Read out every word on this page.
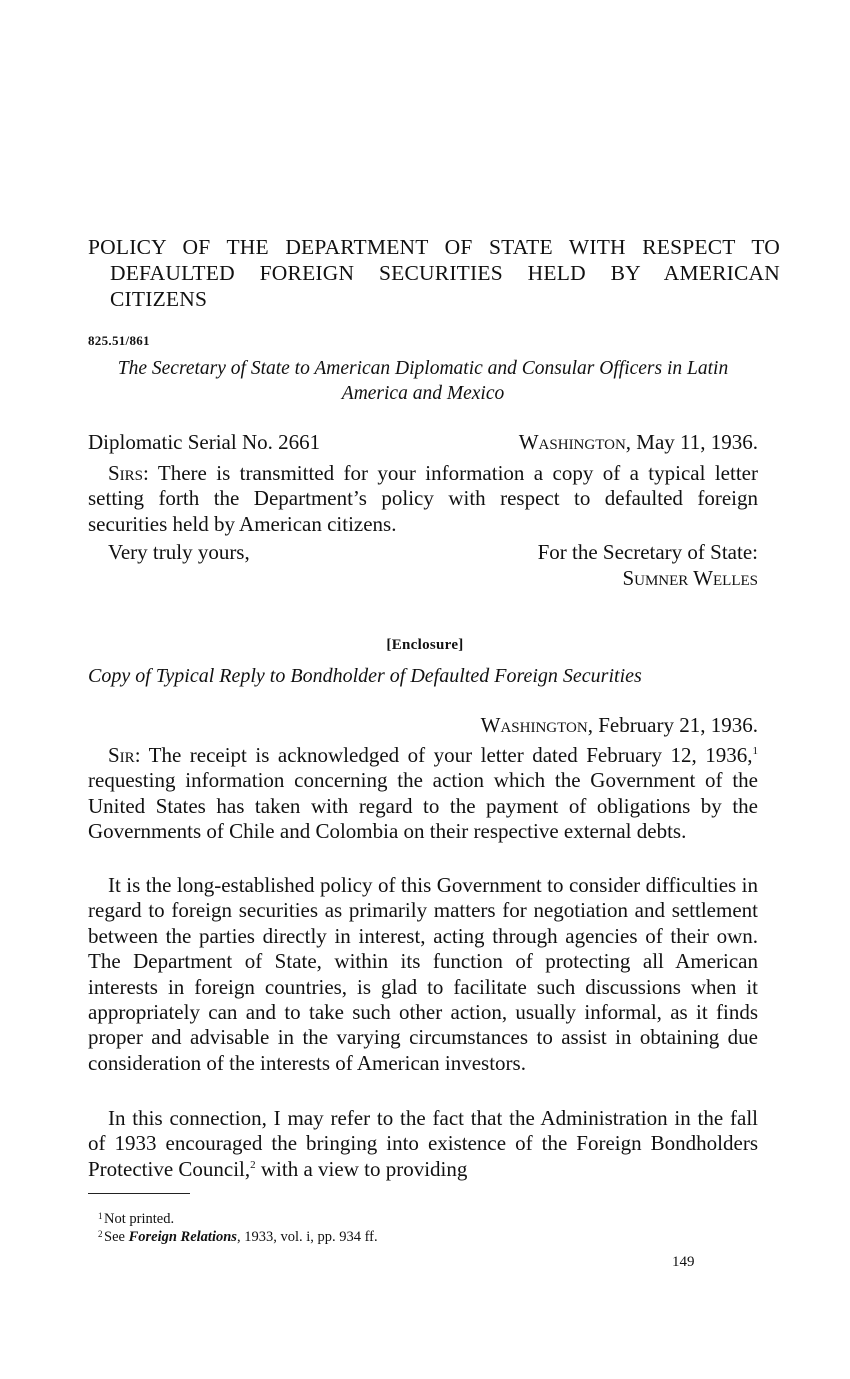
POLICY OF THE DEPARTMENT OF STATE WITH RESPECT TO DEFAULTED FOREIGN SECURITIES HELD BY AMERICAN CITIZENS
825.51/861
The Secretary of State to American Diplomatic and Consular Officers in Latin America and Mexico
Diplomatic Serial No. 2661	Washington, May 11, 1936.
Sirs: There is transmitted for your information a copy of a typical letter setting forth the Department’s policy with respect to defaulted foreign securities held by American citizens.
Very truly yours,	For the Secretary of State:
Sumner Welles
[Enclosure]
Copy of Typical Reply to Bondholder of Defaulted Foreign Securities
Washington, February 21, 1936.
Sir: The receipt is acknowledged of your letter dated February 12, 1936,$^1$ requesting information concerning the action which the Government of the United States has taken with regard to the payment of obligations by the Governments of Chile and Colombia on their respective external debts.
It is the long-established policy of this Government to consider difficulties in regard to foreign securities as primarily matters for negotiation and settlement between the parties directly in interest, acting through agencies of their own. The Department of State, within its function of protecting all American interests in foreign countries, is glad to facilitate such discussions when it appropriately can and to take such other action, usually informal, as it finds proper and advisable in the varying circumstances to assist in obtaining due consideration of the interests of American investors.
In this connection, I may refer to the fact that the Administration in the fall of 1933 encouraged the bringing into existence of the Foreign Bondholders Protective Council,$^2$ with a view to providing
1 Not printed.
2 See Foreign Relations, 1933, vol. i, pp. 934 ff.
149
